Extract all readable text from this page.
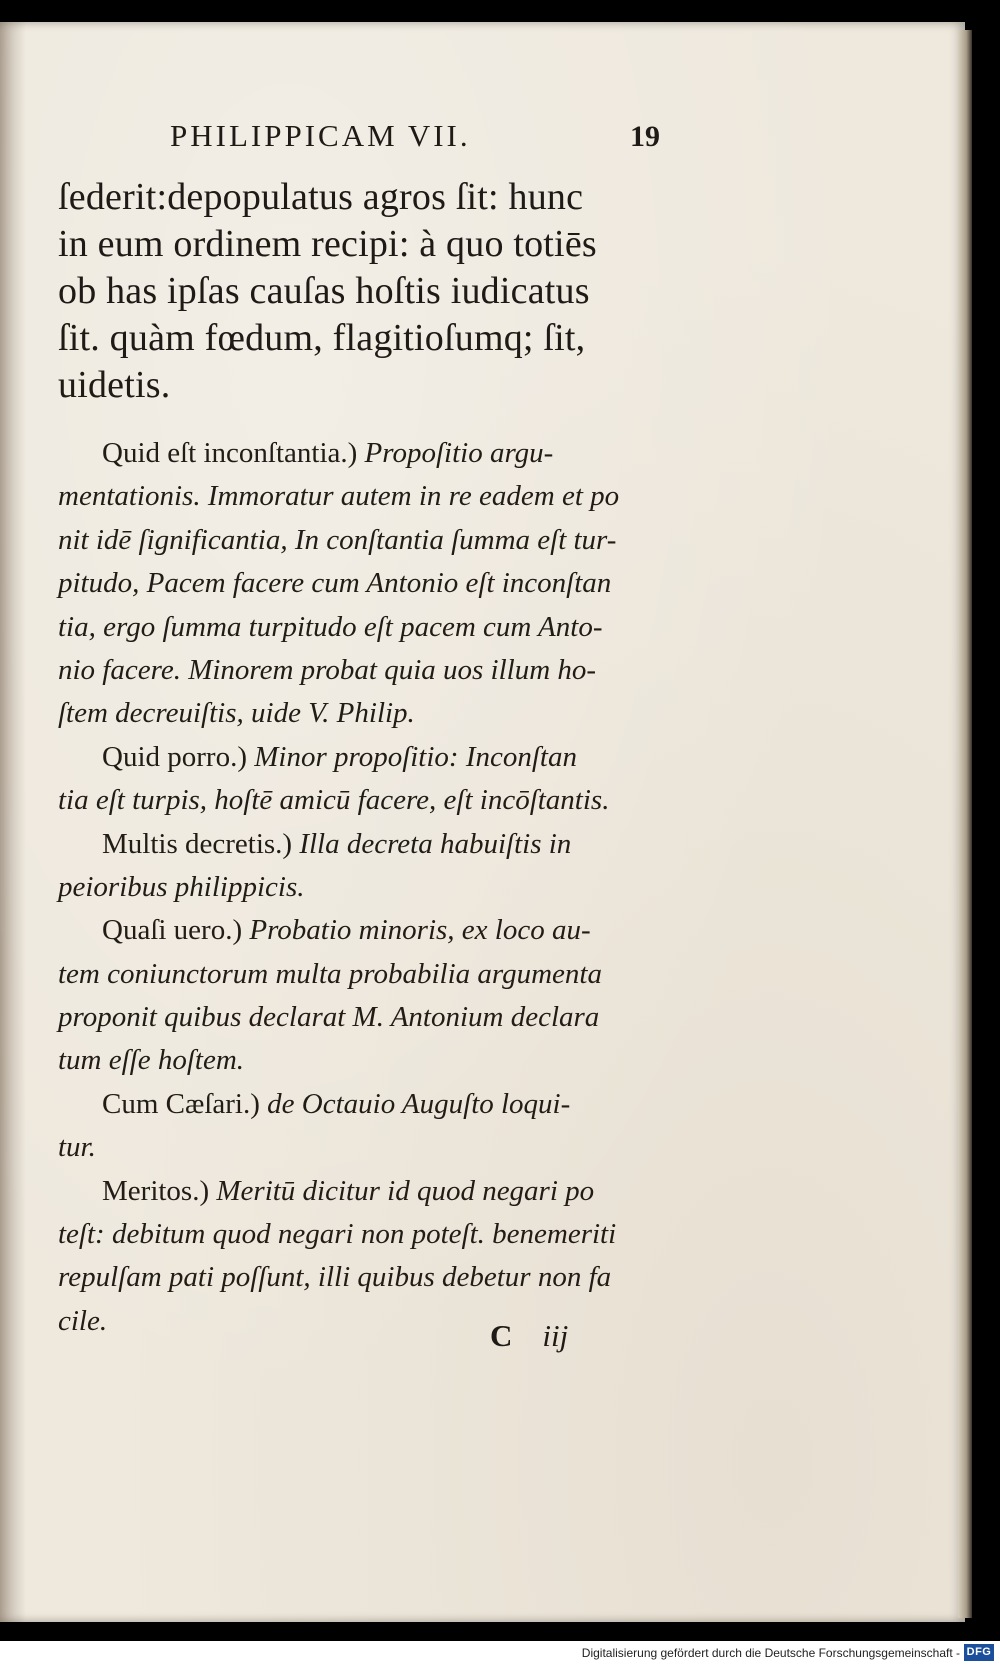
PHILIPPICAM VII.	19
ſederit:depopulatus agros ſit: hunc
in eum ordinem recipi: à quo totiēs
ob has ipſas cauſas hoſtis iudicatus
ſit. quàm fœdum, flagitioſumq; ſit,
uidetis.
Quid eſt inconſtantia.) Propoſitio argu-
mentationis. Immoratur autem in re eadem et po
nit idē ſignificantia, In conſtantia ſumma eſt tur-
pitudo, Pacem facere cum Antonio eſt inconſtan
tia, ergo ſumma turpitudo eſt pacem cum Anto-
nio facere. Minorem probat quia uos illum ho-
ſtem decreuiſtis, uide V. Philip.
Quid porro.) Minor propoſitio: Inconſtan
tia eſt turpis, hoſtē amicū facere, eſt incōſtantis.
Multis decretis.) Illa decreta habuiſtis in
peioribus philippicis.
Quaſi uero.) Probatio minoris, ex loco au-
tem coniunctorum multa probabilia argumenta
proponit quibus declarat M. Antonium declara
tum eſſe hoſtem.
Cum Cæſari.) de Octauio Auguſto loqui-
tur.
Meritos.) Meritū dicitur id quod negari po
teſt: debitum quod negari non poteſt. benemeriti
repulſam pati poſſunt, illi quibus debetur non fa
cile.	C iij
Digitalisierung gefördert durch die Deutsche Forschungsgemeinschaft - DFG
